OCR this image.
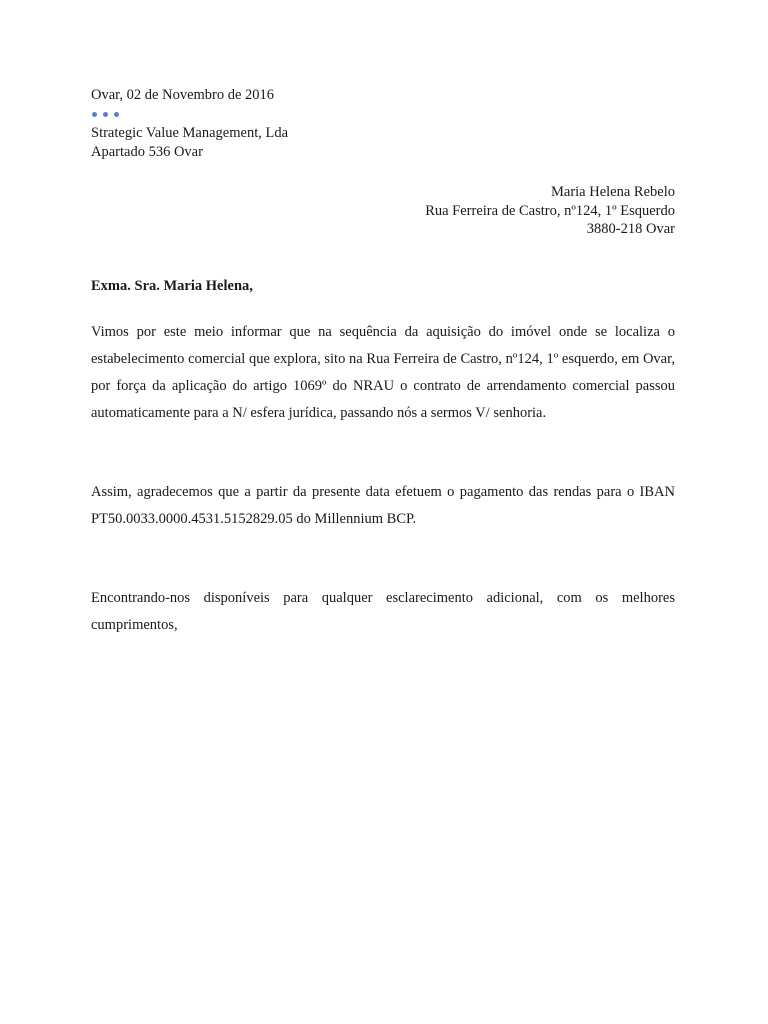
Ovar, 02 de Novembro de 2016
Strategic Value Management, Lda
Apartado 536 Ovar
Maria Helena Rebelo
Rua Ferreira de Castro, nº124, 1º Esquerdo
3880-218 Ovar
Exma. Sra. Maria Helena,
Vimos por este meio informar que na sequência da aquisição do imóvel onde se localiza o estabelecimento comercial que explora, sito na Rua Ferreira de Castro, nº124, 1º esquerdo, em Ovar, por força da aplicação do artigo 1069º do NRAU o contrato de arrendamento comercial passou automaticamente para a N/ esfera jurídica, passando nós a sermos V/ senhoria.
Assim, agradecemos que a partir da presente data efetuem o pagamento das rendas para o IBAN PT50.0033.0000.4531.5152829.05 do Millennium BCP.
Encontrando-nos disponíveis para qualquer esclarecimento adicional, com os melhores cumprimentos,
